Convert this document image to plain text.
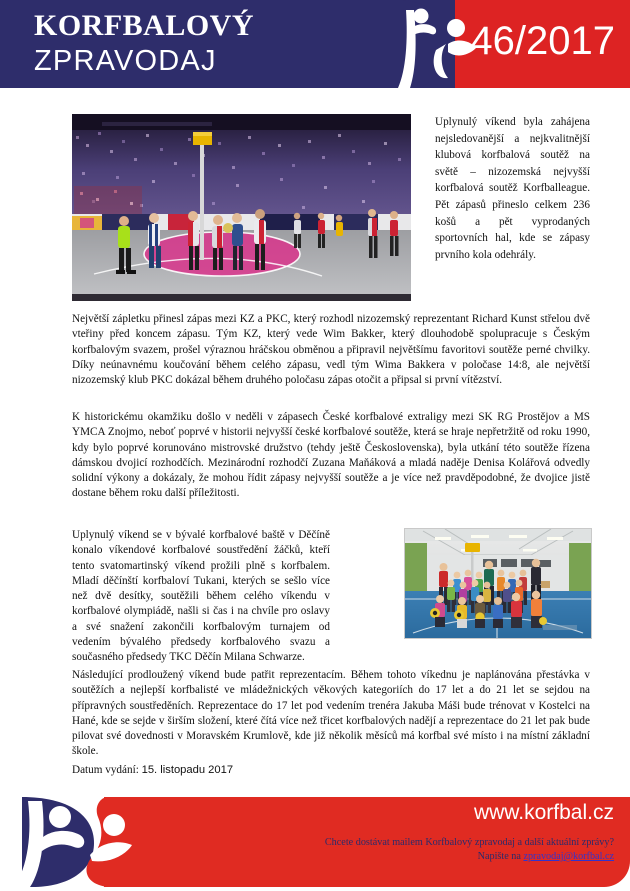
KORFBALOVÝ
ZPRAVODAJ	46/2017

Uplynulý víkend byla zahájena nejsledovanější a nejkvalitnější klubová korfbalová soutěž na světě – nizozemská nejvyšší korfbalová soutěž Korfballeague. Pět zápasů přineslo celkem 236 košů a pět vyprodaných sportovních hal, kde se zápasy prvního kola odehrály.

Největší zápletku přinesl zápas mezi KZ a PKC, který rozhodl nizozemský reprezentant Richard Kunst střelou dvě vteřiny před koncem zápasu. Tým KZ, který vede Wim Bakker, který dlouhodobě spolupracuje s Českým korfbalovým svazem, prošel výraznou hráčskou obměnou a připravil největšímu favoritovi soutěže perné chvilky. Díky neúnavnému koučování během celého zápasu, vedl tým Wima Bakkera v poločase 14:8, ale největší nizozemský klub PKC dokázal během druhého poločasu zápas otočit a připsal si první vítězství.

K historickému okamžiku došlo v neděli v zápasech České korfbalové extraligy mezi SK RG Prostějov a MS YMCA Znojmo, neboť poprvé v historii nejvyšší české korfbalové soutěže, která se hraje nepřetržitě od roku 1990, kdy bylo poprvé korunováno mistrovské družstvo (tehdy ještě Československa), byla utkání této soutěže řízena dámskou dvojicí rozhodčích. Mezinárodní rozhodčí Zuzana Maňáková a mladá naděje Denisa Kolářová odvedly solidní výkony a dokázaly, že mohou řídit zápasy nejvyšší soutěže a je více než pravděpodobné, že dvojice jistě dostane během roku další příležitosti.

Uplynulý víkend se v bývalé korfbalové baště v Děčíně konalo víkendové korfbalové soustředění žáčků, kteří tento svatomartinský víkend prožili plně s korfbalem. Mladí děčínští korfbaloví Tukani, kterých se sešlo více než dvě desítky, soutěžili během celého víkendu v korfbalové olympiádě, našli si čas i na chvíle pro oslavy a své snažení zakončili korfbalovým turnajem od vedením bývalého předsedy korfbalového svazu a současného předsedy TKC Děčín Milana Schwarze.

Následující prodloužený víkend bude patřit reprezentacím. Během tohoto víkednu je naplánována přestávka v soutěžích a nejlepší korfbalisté ve mládežnických věkových kategoriích do 17 let a do 21 let se sejdou na přípravných soustředěních. Reprezentace do 17 let pod vedením trenéra Jakuba Máši bude trénovat v Kostelci na Hané, kde se sejde v širším složení, které čítá více než třicet korfbalových nadějí a reprezentace do 21 let pak bude pilovat své dovednosti v Moravském Krumlově, kde již několik měsíců má korfbal své místo i na místní základní škole.

Datum vydání: 15. listopadu 2017
www.korfbal.cz
Chcete dostávat mailem Korfbalový zpravodaj a další aktuální zprávy?
Napište na zpravodaj@korfbal.cz
